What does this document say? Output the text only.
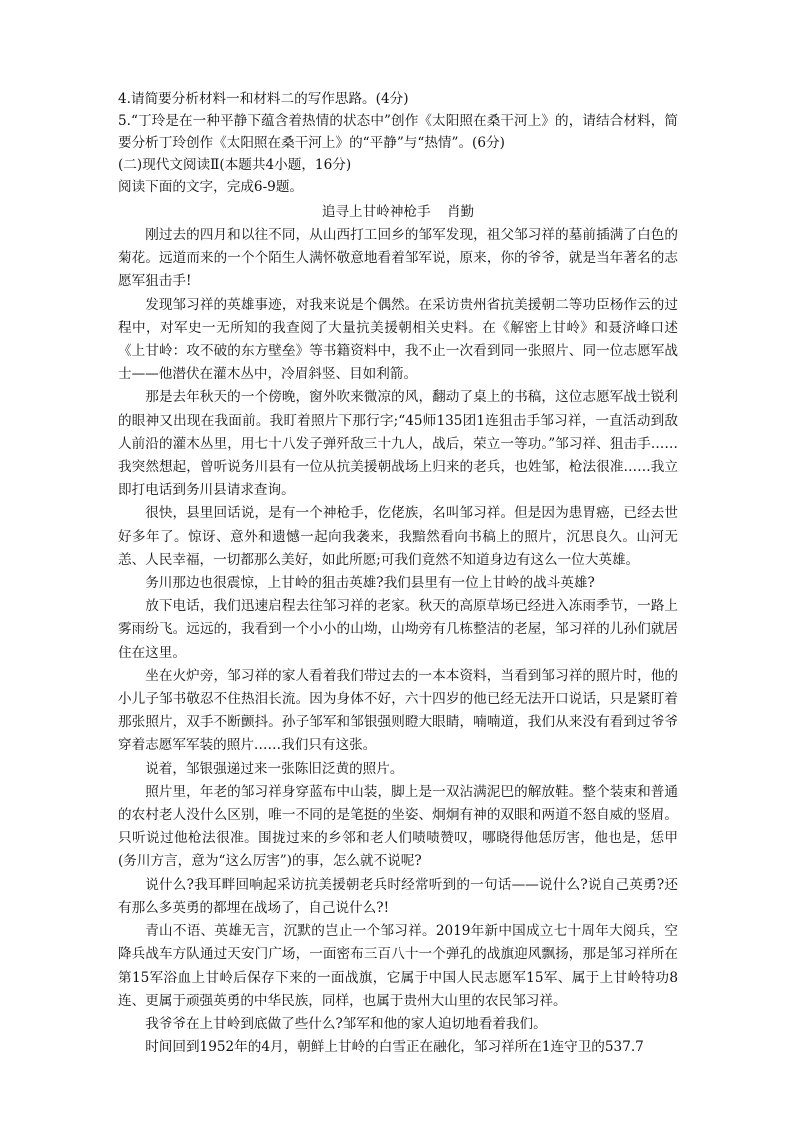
4.请简要分析材料一和材料二的写作思路。(4分)

5.“丁玲是在一种平静下蕴含着热情的状态中”创作《太阳照在桑干河上》的，请结合材料，简要分析丁玲创作《太阳照在桑干河上》的“平静”与“热情”。(6分)

(二)现代文阅读Ⅱ(本题共4小题，16分)

阅读下面的文字，完成6-9题。

追寻上甘岭神枪手 肖勤

刚过去的四月和以往不同，从山西打工回乡的邹军发现，祖父邹习祥的墓前插满了白色的菊花。远道而来的一个个陌生人满怀敬意地看着邹军说，原来，你的爷爷，就是当年著名的志愿军狙击手!

发现邹习祥的英雄事迹，对我来说是个偶然。在采访贵州省抗美援朝二等功臣杨作云的过程中，对军史一无所知的我查阅了大量抗美援朝相关史料。在《解密上甘岭》和聂济峰口述《上甘岭：攻不破的东方壁垒》等书籍资料中，我不止一次看到同一张照片、同一位志愿军战士——他潜伏在灌木丛中，冷眉斜竖、目如利箭。

那是去年秋天的一个傍晚，窗外吹来微凉的风，翻动了桌上的书稿，这位志愿军战士锐利的眼神又出现在我面前。我盯着照片下那行字;“45师135团1连狙击手邹习祥，一直活动到敌人前沿的灌木丛里，用七十八发子弹歼敌三十九人，战后，荣立一等功。”邹习祥、狙击手……我突然想起，曾听说务川县有一位从抗美援朝战场上归来的老兵，也姓邹，枪法很准……我立即打电话到务川县请求查询。

很快，县里回话说，是有一个神枪手，仡佬族，名叫邹习祥。但是因为患胃癌，已经去世好多年了。惊讶、意外和遗憾一起向我袭来，我黯然看向书稿上的照片，沉思良久。山河无恙、人民幸福，一切都那么美好，如此所愿;可我们竟然不知道身边有这么一位大英雄。

务川那边也很震惊，上甘岭的狙击英雄?我们县里有一位上甘岭的战斗英雄?

放下电话，我们迅速启程去往邹习祥的老家。秋天的高原草场已经进入冻雨季节，一路上雾雨纷飞。远远的，我看到一个小小的山坳，山坳旁有几栋整洁的老屋，邹习祥的儿孙们就居住在这里。

坐在火炉旁，邹习祥的家人看着我们带过去的一本本资料，当看到邹习祥的照片时，他的小儿子邹书敬忍不住热泪长流。因为身体不好，六十四岁的他已经无法开口说话，只是紧盯着那张照片，双手不断颤抖。孙子邹军和邹银强则瞪大眼睛，喃喃道，我们从来没有看到过爷爷穿着志愿军军装的照片……我们只有这张。

说着，邹银强递过来一张陈旧泛黄的照片。

照片里，年老的邹习祥身穿蓝布中山装，脚上是一双沾满泥巴的解放鞋。整个装束和普通的农村老人没什么区别，唯一不同的是笔挺的坐姿、炯炯有神的双眼和两道不怒自威的竖眉。只听说过他枪法很准。围拢过来的乡邻和老人们啧啧赞叹，哪晓得他恁厉害，他也是，恁甲(务川方言，意为“这么厉害”)的事，怎么就不说呢?

说什么?我耳畔回响起采访抗美援朝老兵时经常听到的一句话——说什么?说自己英勇?还有那么多英勇的都埋在战场了，自己说什么?!

青山不语、英雄无言，沉默的岂止一个邹习祥。2019年新中国成立七十周年大阅兵，空降兵战车方队通过天安门广场，一面密布三百八十一个弹孔的战旗迎风飘扬，那是邹习祥所在第15军浴血上甘岭后保存下来的一面战旗，它属于中国人民志愿军15军、属于上甘岭特功8连、更属于顽强英勇的中华民族，同样，也属于贵州大山里的农民邹习祥。

我爷爷在上甘岭到底做了些什么?邹军和他的家人迫切地看着我们。

时间回到1952年的4月，朝鲜上甘岭的白雪正在融化，邹习祥所在1连守卫的537.7
